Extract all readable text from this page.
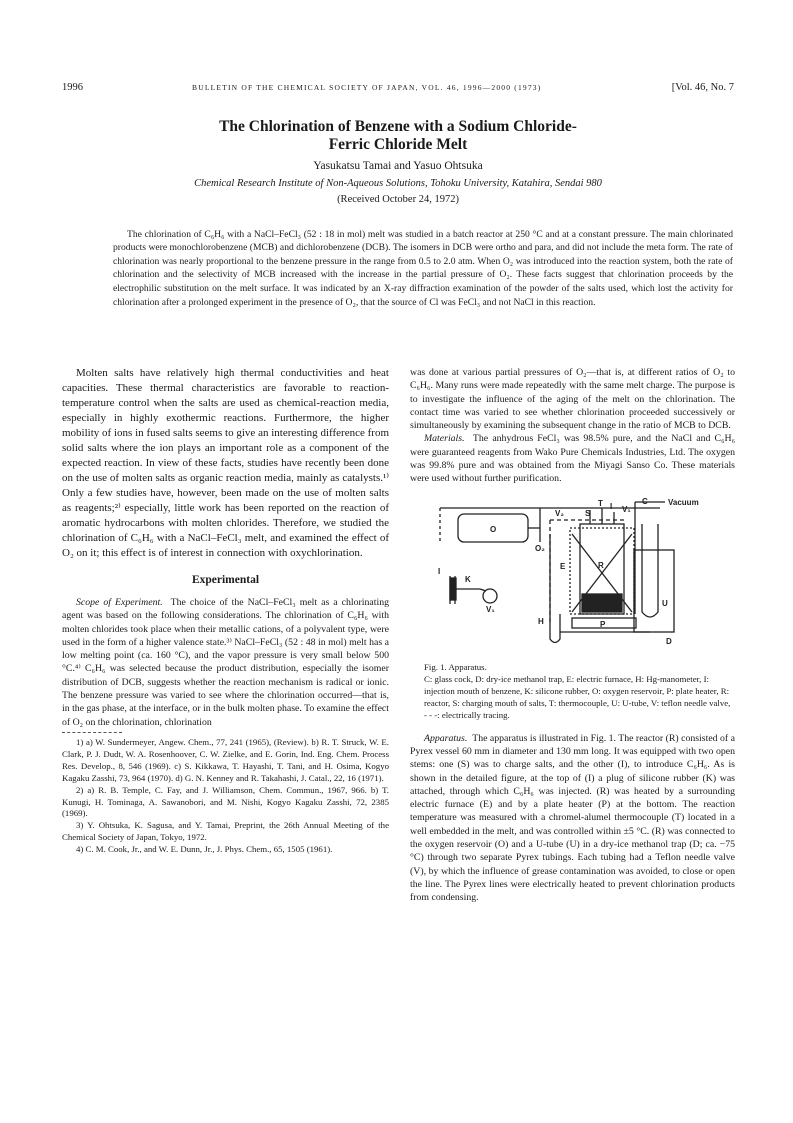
1996	BULLETIN OF THE CHEMICAL SOCIETY OF JAPAN, VOL. 46, 1996—2000 (1973)	[Vol. 46, No. 7
The Chlorination of Benzene with a Sodium Chloride-
Ferric Chloride Melt
Yasukatsu Tamai and Yasuo Ohtsuka
Chemical Research Institute of Non-Aqueous Solutions, Tohoku University, Katahira, Sendai 980
(Received October 24, 1972)

The chlorination of C₆H₆ with a NaCl–FeCl₃ (52 : 18 in mol) melt was studied in a batch reactor at 250 °C and at a constant pressure. The main chlorinated products were monochlorobenzene (MCB) and dichlorobenzene (DCB). The isomers in DCB were ortho and para, and did not include the meta form. The rate of chlorination was nearly proportional to the benzene pressure in the range from 0.5 to 2.0 atm. When O₂ was introduced into the reaction system, both the rate of chlorination and the selectivity of MCB increased with the increase in the partial pressure of O₂. These facts suggest that chlorination proceeds by the electrophilic substitution on the melt surface. It was indicated by an X-ray diffraction examination of the powder of the salts used, which lost the activity for chlorination after a prolonged experiment in the presence of O₂, that the source of Cl was FeCl₃ and not NaCl in this reaction.

Molten salts have relatively high thermal conductivities and heat capacities. These thermal characteristics are favorable to reaction-temperature control when the salts are used as chemical-reaction media, especially in highly exothermic reactions. Furthermore, the higher mobility of ions in fused salts seems to give an interesting difference from solid salts where the ion plays an important role as a component of the expected reaction. In view of these facts, studies have recently been done on the use of molten salts as organic reaction media, mainly as catalysts.¹⁾ Only a few studies have, however, been made on the use of molten salts as reagents;²⁾ especially, little work has been reported on the reaction of aromatic hydrocarbons with molten chlorides. Therefore, we studied the chlorination of C₆H₆ with a NaCl–FeCl₃ melt, and examined the effect of O₂ on it; this effect is of interest in connection with oxychlorination.

Experimental

Scope of Experiment. The choice of the NaCl–FeCl₃ melt as a chlorinating agent was based on the following considerations. The chlorination of C₆H₆ with molten chlorides took place when their metallic cations, of a polyvalent type, were used in the form of a higher valence state.³⁾ NaCl–FeCl₃ (52 : 48 in mol) melt has a low melting point (ca. 160 °C), and the vapor pressure is very small below 500 °C.⁴⁾ C₆H₆ was selected because the product distribution, especially the isomer distribution of DCB, suggests whether the reaction mechanism is radical or ionic. The benzene pressure was varied to see where the chlorination occurred—that is, in the gas phase, at the interface, or in the bulk molten phase. To examine the effect of O₂ on the chlorination, chlorination

1) a) W. Sundermeyer, Angew. Chem., 77, 241 (1965), (Review). b) R. T. Struck, W. E. Clark, P. J. Dudt, W. A. Rosenhoover, C. W. Zielke, and E. Gorin, Ind. Eng. Chem. Process Res. Develop., 8, 546 (1969). c) S. Kikkawa, T. Hayashi, T. Tani, and H. Osima, Kogyo Kagaku Zasshi, 73, 964 (1970). d) G. N. Kenney and R. Takahashi, J. Catal., 22, 16 (1971).

2) a) R. B. Temple, C. Fay, and J. Williamson, Chem. Commun., 1967, 966. b) T. Kunugi, H. Tominaga, A. Sawanobori, and M. Nishi, Kogyo Kagaku Zasshi, 72, 2385 (1969).

3) Y. Ohtsuka, K. Sagusa, and Y. Tamai, Preprint, the 26th Annual Meeting of the Chemical Society of Japan, Tokyo, 1972.

4) C. M. Cook, Jr., and W. E. Dunn, Jr., J. Phys. Chem., 65, 1505 (1961).

was done at various partial pressures of O₂—that is, at different ratios of O₂ to C₆H₆. Many runs were made repeatedly with the same melt charge. The purpose is to investigate the influence of the aging of the melt on the chlorination. The contact time was varied to see whether chlorination proceeded successively or simultaneously by examining the subsequent change in the ratio of MCB to DCB.

Materials. The anhydrous FeCl₃ was 98.5% pure, and the NaCl and C₆H₆ were guaranteed reagents from Wako Pure Chemicals Industries, Ltd. The oxygen was 99.8% pure and was obtained from the Miyagi Sanso Co. These materials were used without further purification.

O
O₂
V₂	S
T I V₁
C
E	R
H	P
U
D
I
K
V₁
Vacuum
Fig. 1. Apparatus.
C: glass cock, D: dry-ice methanol trap, E: electric furnace, H: Hg-manometer, I: injection mouth of benzene, K: silicone rubber, O: oxygen reservoir, P: plate heater, R: reactor, S: charging mouth of salts, T: thermocouple, U: U-tube, V: teflon needle valve, - - -: electrically tracing.

Apparatus. The apparatus is illustrated in Fig. 1. The reactor (R) consisted of a Pyrex vessel 60 mm in diameter and 130 mm long. It was equipped with two open stems: one (S) was to charge salts, and the other (I), to introduce C₆H₆. As is shown in the detailed figure, at the top of (I) a plug of silicone rubber (K) was attached, through which C₆H₆ was injected. (R) was heated by a surrounding electric furnace (E) and by a plate heater (P) at the bottom. The reaction temperature was measured with a chromel-alumel thermocouple (T) located in a well embedded in the melt, and was controlled within ±5 °C. (R) was connected to the oxygen reservoir (O) and a U-tube (U) in a dry-ice methanol trap (D; ca. −75 °C) through two separate Pyrex tubings. Each tubing had a Teflon needle valve (V), by which the influence of grease contamination was avoided, to close or open the line. The Pyrex lines were electrically heated to prevent chlorination products from condensing.
